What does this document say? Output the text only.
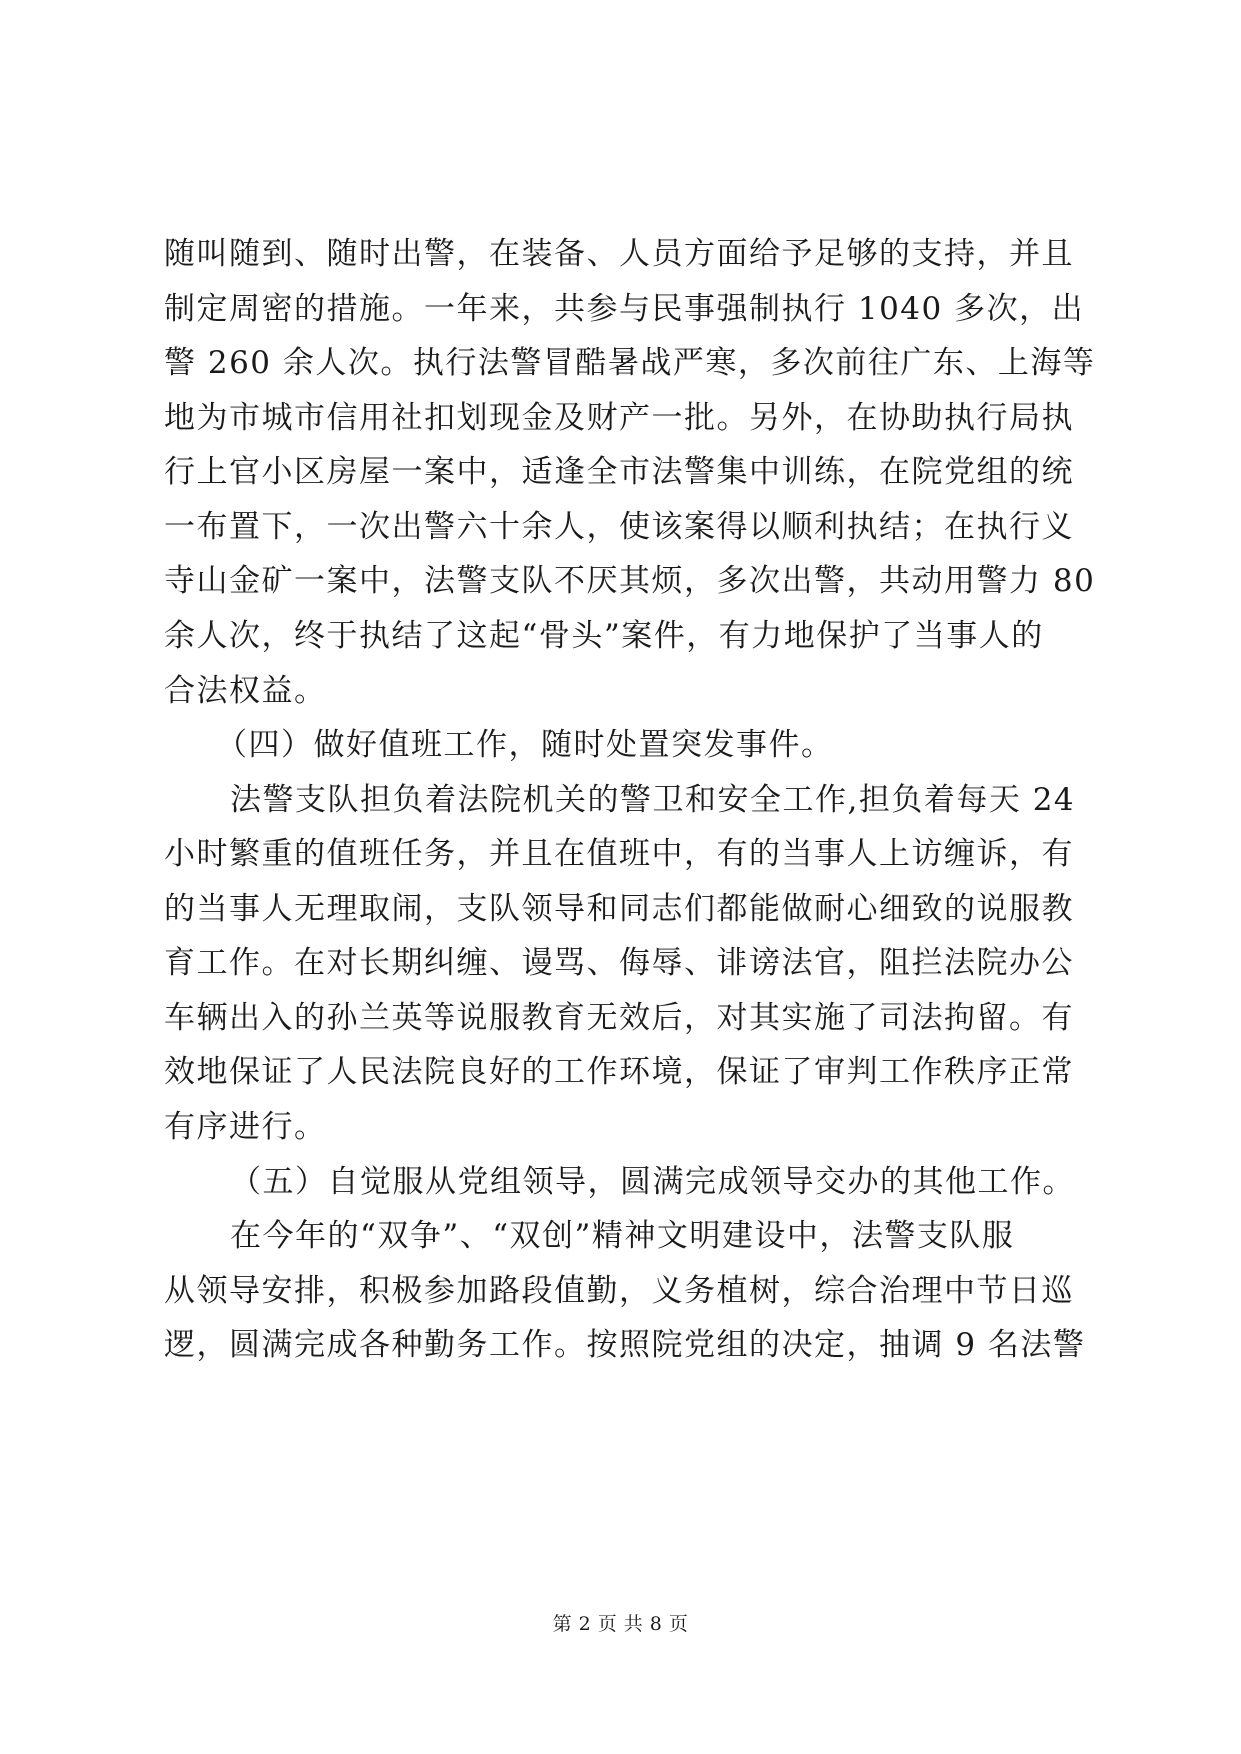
随叫随到、随时出警，在装备、人员方面给予足够的支持，并且

制定周密的措施。一年来，共参与民事强制执行 1040 多次，出

警 260 余人次。执行法警冒酷暑战严寒，多次前往广东、上海等

地为市城市信用社扣划现金及财产一批。另外，在协助执行局执

行上官小区房屋一案中，适逢全市法警集中训练，在院党组的统

一布置下，一次出警六十余人，使该案得以顺利执结；在执行义

寺山金矿一案中，法警支队不厌其烦，多次出警，共动用警力 80

余人次，终于执结了这起“骨头”案件，有力地保护了当事人的

合法权益。

（四）做好值班工作，随时处置突发事件。

法警支队担负着法院机关的警卫和安全工作,担负着每天 24

小时繁重的值班任务，并且在值班中，有的当事人上访缠诉，有

的当事人无理取闹，支队领导和同志们都能做耐心细致的说服教

育工作。在对长期纠缠、谩骂、侮辱、诽谤法官，阻拦法院办公

车辆出入的孙兰英等说服教育无效后，对其实施了司法拘留。有

效地保证了人民法院良好的工作环境，保证了审判工作秩序正常

有序进行。

（五）自觉服从党组领导，圆满完成领导交办的其他工作。

在今年的“双争”、“双创”精神文明建设中，法警支队服

从领导安排，积极参加路段值勤，义务植树，综合治理中节日巡

逻，圆满完成各种勤务工作。按照院党组的决定，抽调 9 名法警

第 2 页 共 8 页
